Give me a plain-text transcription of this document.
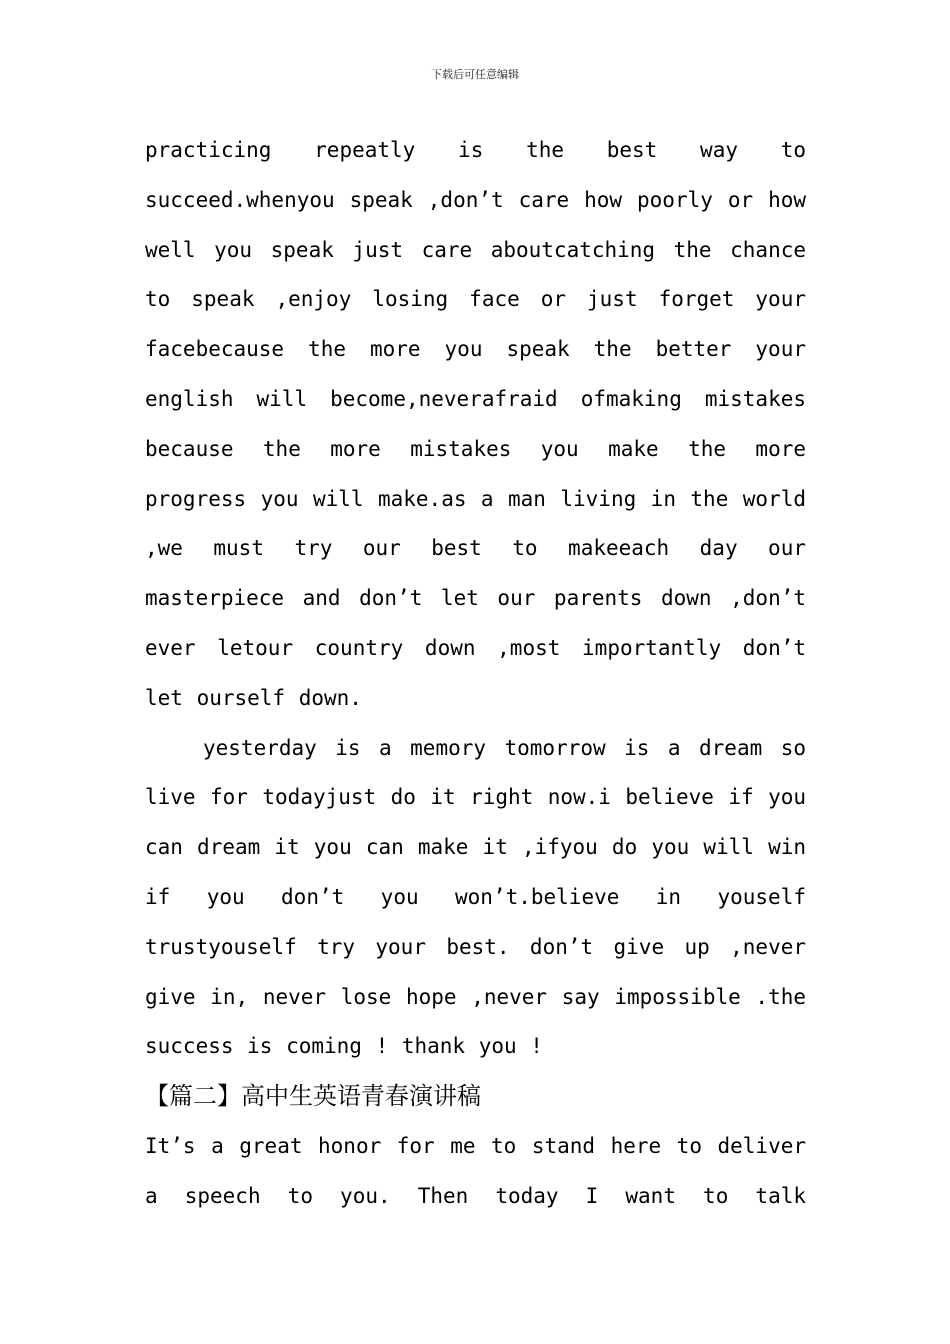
下载后可任意编辑

practicing repeatly is the best way to succeed.whenyou speak ,don’t care how poorly or how well you speak just care aboutcatching the chance to speak ,enjoy losing face or just forget your facebecause the more you speak the better your english will become,neverafraid ofmaking mistakes because the more mistakes you make the more progress you will make.as a man living in the world ,we must try our best to makeeach day our masterpiece and don’t let our parents down ,don’t ever letour country down ,most importantly don’t let ourself down.

yesterday is a memory tomorrow is a dream so live for todayjust do it right now.i believe if you can dream it you can make it ,ifyou do you will win if you don’t you won’t.believe in youself trustyouself try your best. don’t give up ,never give in, never lose hope ,never say impossible .the success is coming ! thank you !

【篇二】高中生英语青春演讲稿

It’s a great honor for me to stand here to deliver a speech to you. Then today I want to talk
